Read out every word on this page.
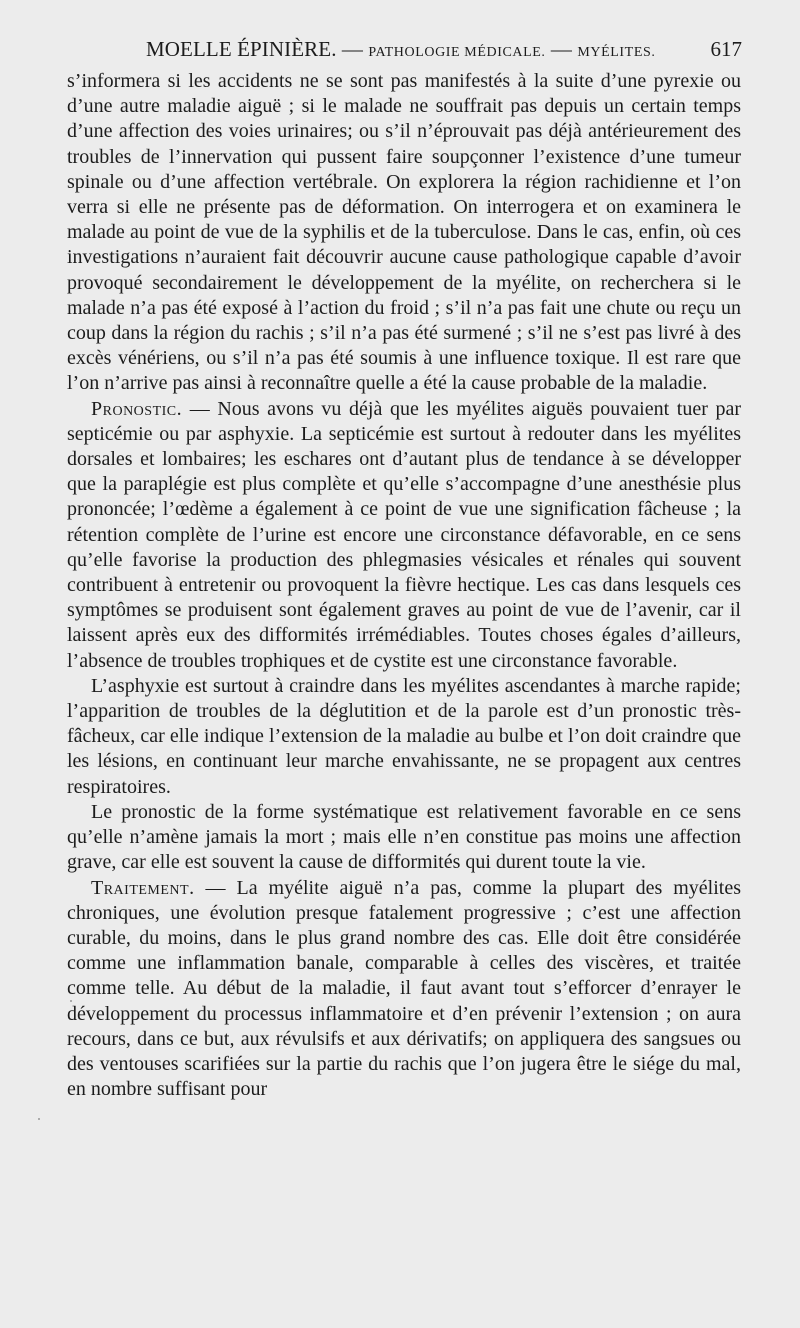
MOELLE ÉPINIÈRE. — PATHOLOGIE MÉDICALE. — MYÉLITES.	617

s’informera si les accidents ne se sont pas manifestés à la suite d’une pyrexie ou d’une autre maladie aiguë ; si le malade ne souffrait pas depuis un certain temps d’une affection des voies urinaires; ou s’il n’éprouvait pas déjà antérieurement des troubles de l’innervation qui pussent faire soupçonner l’existence d’une tumeur spinale ou d’une affection vertébrale. On explorera la région rachidienne et l’on verra si elle ne présente pas de déformation. On interrogera et on examinera le malade au point de vue de la syphilis et de la tuberculose. Dans le cas, enfin, où ces investigations n’auraient fait découvrir aucune cause pathologique capable d’avoir provoqué secondairement le développement de la myélite, on recherchera si le malade n’a pas été exposé à l’action du froid ; s’il n’a pas fait une chute ou reçu un coup dans la région du rachis ; s’il n’a pas été surmené ; s’il ne s’est pas livré à des excès vénériens, ou s’il n’a pas été soumis à une influence toxique. Il est rare que l’on n’arrive pas ainsi à reconnaître quelle a été la cause probable de la maladie.

Pronostic. — Nous avons vu déjà que les myélites aiguës pouvaient tuer par septicémie ou par asphyxie. La septicémie est surtout à redouter dans les myélites dorsales et lombaires; les eschares ont d’autant plus de tendance à se développer que la paraplégie est plus complète et qu’elle s’accompagne d’une anesthésie plus prononcée; l’œdème a également à ce point de vue une signification fâcheuse ; la rétention complète de l’urine est encore une circonstance défavorable, en ce sens qu’elle favorise la production des phlegmasies vésicales et rénales qui souvent contribuent à entretenir ou provoquent la fièvre hectique. Les cas dans lesquels ces symptômes se produisent sont également graves au point de vue de l’avenir, car il laissent après eux des difformités irrémédiables. Toutes choses égales d’ailleurs, l’absence de troubles trophiques et de cystite est une circonstance favorable.

L’asphyxie est surtout à craindre dans les myélites ascendantes à marche rapide; l’apparition de troubles de la déglutition et de la parole est d’un pronostic très-fâcheux, car elle indique l’extension de la maladie au bulbe et l’on doit craindre que les lésions, en continuant leur marche envahissante, ne se propagent aux centres respiratoires.

Le pronostic de la forme systématique est relativement favorable en ce sens qu’elle n’amène jamais la mort ; mais elle n’en constitue pas moins une affection grave, car elle est souvent la cause de difformités qui durent toute la vie.

Traitement. — La myélite aiguë n’a pas, comme la plupart des myélites chroniques, une évolution presque fatalement progressive ; c’est une affection curable, du moins, dans le plus grand nombre des cas. Elle doit être considérée comme une inflammation banale, comparable à celles des viscères, et traitée comme telle. Au début de la maladie, il faut avant tout s’efforcer d’enrayer le développement du processus inflammatoire et d’en prévenir l’extension ; on aura recours, dans ce but, aux révulsifs et aux dérivatifs; on appliquera des sangsues ou des ventouses scarifiées sur la partie du rachis que l’on jugera être le siége du mal, en nombre suffisant pour
